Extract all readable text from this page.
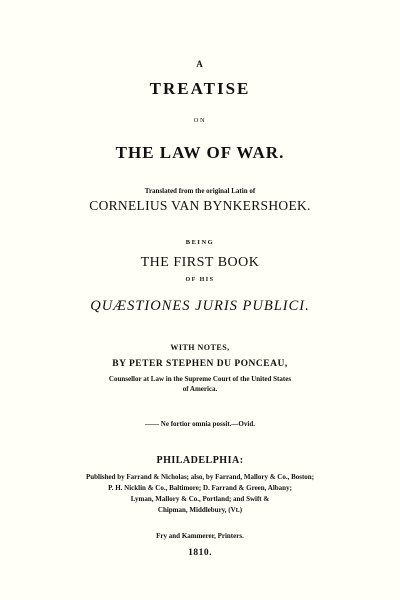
A
TREATISE
ON
THE LAW OF WAR.
Translated from the original Latin of
CORNELIUS VAN BYNKERSHOEK.
BEING
THE FIRST BOOK
OF HIS
QUÆSTIONES JURIS PUBLICI.
WITH NOTES,
BY PETER STEPHEN DU PONCEAU,
Counsellor at Law in the Supreme Court of the United States
of America.
—— Ne fortior omnia possit.—Ovid.
PHILADELPHIA:
Published by Farrand & Nicholas; also, by Farrand, Mallory & Co., Boston;
P. H. Nicklin & Co., Baltimore; D. Farrand & Green, Albany;
Lyman, Mallory & Co., Portland; and Swift &
Chipman, Middlebury, (Vt.)
Fry and Kammerer, Printers.
1810.
